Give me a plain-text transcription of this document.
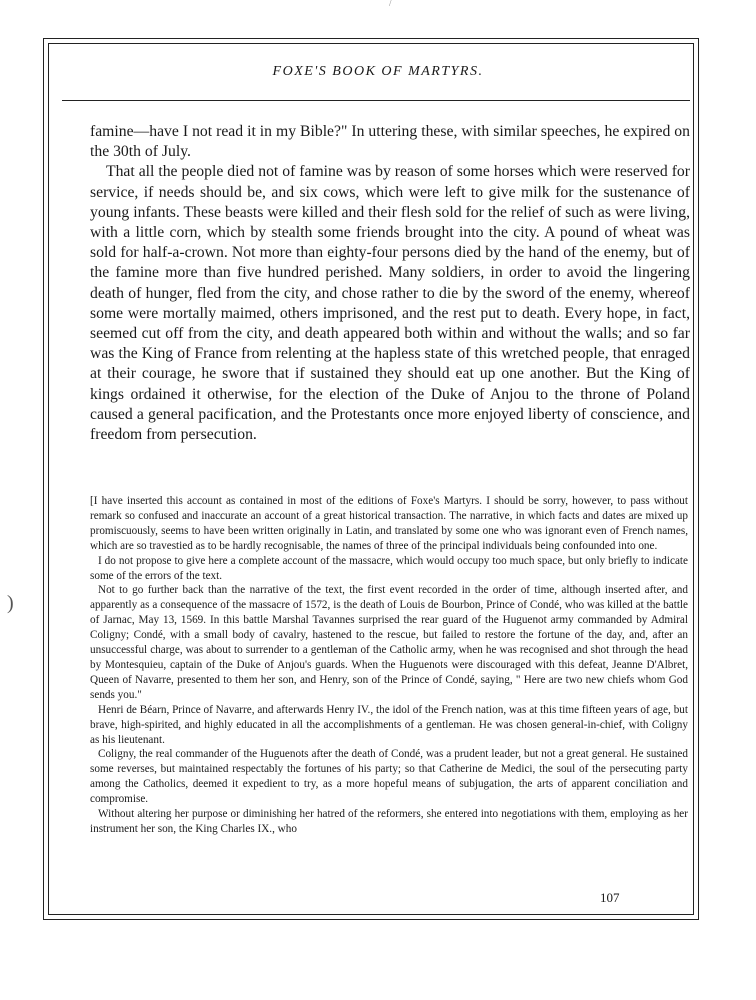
/
)
FOXE'S BOOK OF MARTYRS.

famine—have I not read it in my Bible?" In uttering these, with similar speeches, he expired on the 30th of July.

That all the people died not of famine was by reason of some horses which were reserved for service, if needs should be, and six cows, which were left to give milk for the sustenance of young infants. These beasts were killed and their flesh sold for the relief of such as were living, with a little corn, which by stealth some friends brought into the city. A pound of wheat was sold for half-a-crown. Not more than eighty-four persons died by the hand of the enemy, but of the famine more than five hundred perished. Many soldiers, in order to avoid the lingering death of hunger, fled from the city, and chose rather to die by the sword of the enemy, whereof some were mortally maimed, others imprisoned, and the rest put to death. Every hope, in fact, seemed cut off from the city, and death appeared both within and without the walls; and so far was the King of France from relenting at the hapless state of this wretched people, that enraged at their courage, he swore that if sustained they should eat up one another. But the King of kings ordained it otherwise, for the election of the Duke of Anjou to the throne of Poland caused a general pacification, and the Protestants once more enjoyed liberty of conscience, and freedom from persecution.

[I have inserted this account as contained in most of the editions of Foxe's Martyrs. I should be sorry, however, to pass without remark so confused and inaccurate an account of a great historical transaction. The narrative, in which facts and dates are mixed up promiscuously, seems to have been written originally in Latin, and translated by some one who was ignorant even of French names, which are so travestied as to be hardly recognisable, the names of three of the principal individuals being confounded into one.

I do not propose to give here a complete account of the massacre, which would occupy too much space, but only briefly to indicate some of the errors of the text.

Not to go further back than the narrative of the text, the first event recorded in the order of time, although inserted after, and apparently as a consequence of the massacre of 1572, is the death of Louis de Bourbon, Prince of Condé, who was killed at the battle of Jarnac, May 13, 1569. In this battle Marshal Tavannes surprised the rear guard of the Huguenot army commanded by Admiral Coligny; Condé, with a small body of cavalry, hastened to the rescue, but failed to restore the fortune of the day, and, after an unsuccessful charge, was about to surrender to a gentleman of the Catholic army, when he was recognised and shot through the head by Montesquieu, captain of the Duke of Anjou's guards. When the Huguenots were discouraged with this defeat, Jeanne D'Albret, Queen of Navarre, presented to them her son, and Henry, son of the Prince of Condé, saying, " Here are two new chiefs whom God sends you."

Henri de Béarn, Prince of Navarre, and afterwards Henry IV., the idol of the French nation, was at this time fifteen years of age, but brave, high-spirited, and highly educated in all the accomplishments of a gentleman. He was chosen general-in-chief, with Coligny as his lieutenant.

Coligny, the real commander of the Huguenots after the death of Condé, was a prudent leader, but not a great general. He sustained some reverses, but maintained respectably the fortunes of his party; so that Catherine de Medici, the soul of the persecuting party among the Catholics, deemed it expedient to try, as a more hopeful means of subjugation, the arts of apparent conciliation and compromise.

Without altering her purpose or diminishing her hatred of the reformers, she entered into negotiations with them, employing as her instrument her son, the King Charles IX., who

107
